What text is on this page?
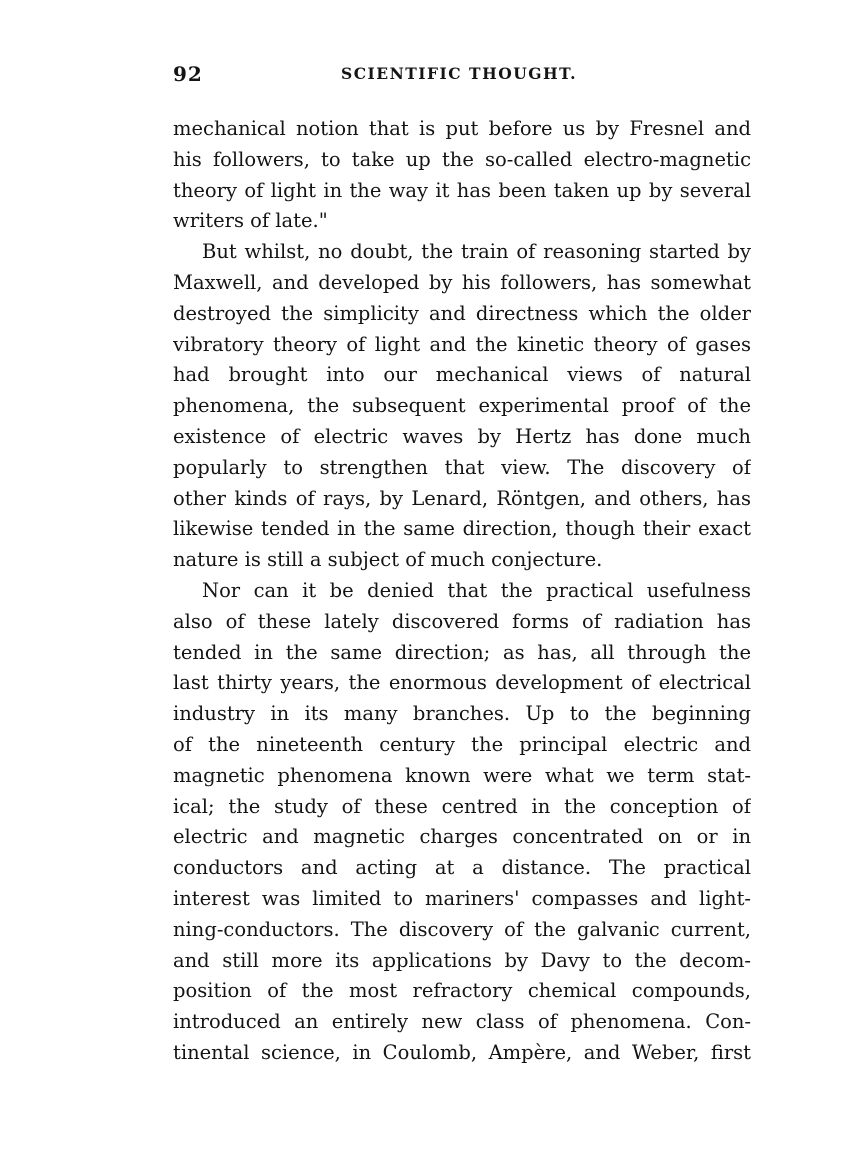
92	SCIENTIFIC THOUGHT.
mechanical notion that is put before us by Fresnel and
his followers, to take up the so-called electro-magnetic
theory of light in the way it has been taken up by several
writers of late."
But whilst, no doubt, the train of reasoning started by
Maxwell, and developed by his followers, has somewhat
destroyed the simplicity and directness which the older
vibratory theory of light and the kinetic theory of gases
had brought into our mechanical views of natural
phenomena, the subsequent experimental proof of the
existence of electric waves by Hertz has done much
popularly to strengthen that view. The discovery of
other kinds of rays, by Lenard, Röntgen, and others, has
likewise tended in the same direction, though their exact
nature is still a subject of much conjecture.
Nor can it be denied that the practical usefulness
also of these lately discovered forms of radiation has
tended in the same direction; as has, all through the
last thirty years, the enormous development of electrical
industry in its many branches. Up to the beginning
of the nineteenth century the principal electric and
magnetic phenomena known were what we term stat-
ical; the study of these centred in the conception of
electric and magnetic charges concentrated on or in
conductors and acting at a distance. The practical
interest was limited to mariners' compasses and light-
ning-conductors. The discovery of the galvanic current,
and still more its applications by Davy to the decom-
position of the most refractory chemical compounds,
introduced an entirely new class of phenomena. Con-
tinental science, in Coulomb, Ampère, and Weber, first
